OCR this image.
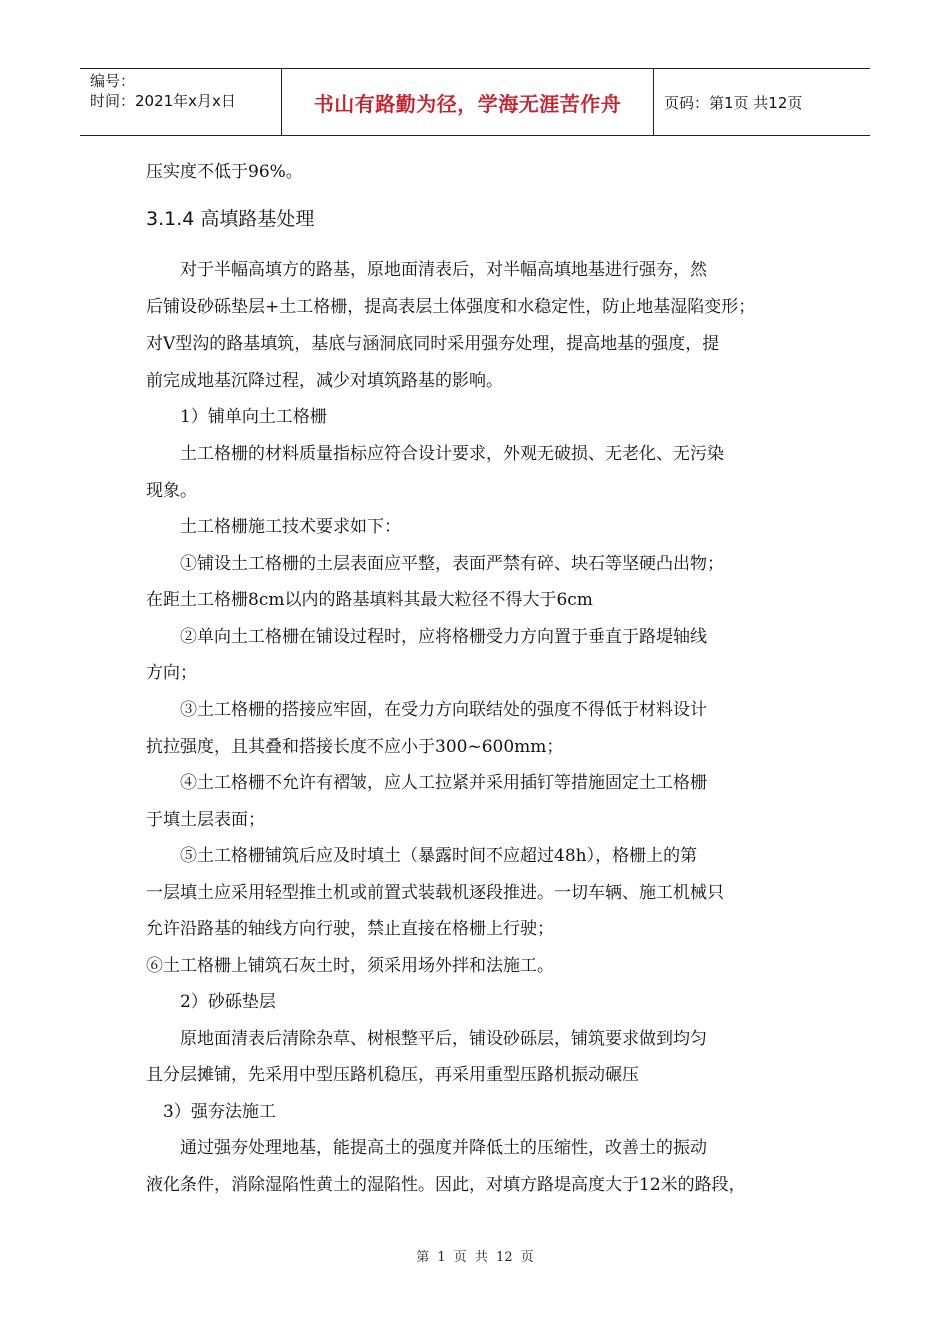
编号：
时间：2021年x月x日	书山有路勤为径，学海无涯苦作舟	页码：第1页 共12页
压实度不低于96%。
3.1.4 高填路基处理
　　对于半幅高填方的路基，原地面清表后，对半幅高填地基进行强夯，然
后铺设砂砾垫层+土工格栅，提高表层土体强度和水稳定性，防止地基湿陷变形；
对V型沟的路基填筑，基底与涵洞底同时采用强夯处理，提高地基的强度，提
前完成地基沉降过程，减少对填筑路基的影响。
　　1）铺单向土工格栅
　　土工格栅的材料质量指标应符合设计要求，外观无破损、无老化、无污染
现象。
　　土工格栅施工技术要求如下：
　　①铺设土工格栅的土层表面应平整，表面严禁有碎、块石等坚硬凸出物；
在距土工格栅8cm以内的路基填料其最大粒径不得大于6cm
　　②单向土工格栅在铺设过程时，应将格栅受力方向置于垂直于路堤轴线
方向；
　　③土工格栅的搭接应牢固，在受力方向联结处的强度不得低于材料设计
抗拉强度，且其叠和搭接长度不应小于300~600mm；
　　④土工格栅不允许有褶皱，应人工拉紧并采用插钉等措施固定土工格栅
于填土层表面；
　　⑤土工格栅铺筑后应及时填土（暴露时间不应超过48h），格栅上的第
一层填土应采用轻型推土机或前置式装载机逐段推进。一切车辆、施工机械只
允许沿路基的轴线方向行驶，禁止直接在格栅上行驶；
⑥土工格栅上铺筑石灰土时，须采用场外拌和法施工。
　　2）砂砾垫层
　　原地面清表后清除杂草、树根整平后，铺设砂砾层，铺筑要求做到均匀
且分层摊铺，先采用中型压路机稳压，再采用重型压路机振动碾压
　3）强夯法施工
　　通过强夯处理地基，能提高土的强度并降低土的压缩性，改善土的振动
液化条件，消除湿陷性黄土的湿陷性。因此，对填方路堤高度大于12米的路段，
第 1 页 共 12 页
